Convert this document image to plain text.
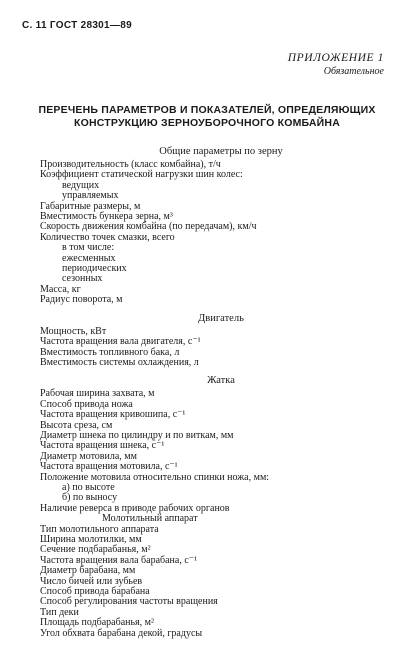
С. 11 ГОСТ 28301—89
ПРИЛОЖЕНИЕ 1
Обязательное
ПЕРЕЧЕНЬ ПАРАМЕТРОВ И ПОКАЗАТЕЛЕЙ, ОПРЕДЕЛЯЮЩИХ
КОНСТРУКЦИЮ ЗЕРНОУБОРОЧНОГО КОМБАЙНА
Общие параметры по зерну
Производительность (класс комбайна), т/ч
Коэффициент статической нагрузки шин колес:
ведущих
управляемых
Габаритные размеры, м
Вместимость бункера зерна, м³
Скорость движения комбайна (по передачам), км/ч
Количество точек смазки, всего
в том числе:
ежесменных
периодических
сезонных
Масса, кг
Радиус поворота, м
Двигатель
Мощность, кВт
Частота вращения вала двигателя, с⁻¹
Вместимость топливного бака, л
Вместимость системы охлаждения, л
Жатка
Рабочая ширина захвата, м
Способ привода ножа
Частота вращения кривошипа, с⁻¹
Высота среза, см
Диаметр шнека по цилиндру и по виткам, мм
Частота вращения шнека, с⁻¹
Диаметр мотовила, мм
Частота вращения мотовила, с⁻¹
Положение мотовила относительно спинки ножа, мм:
а) по высоте
б) по выносу
Наличие реверса в приводе рабочих органов
Молотильный аппарат
Тип молотильного аппарата
Ширина молотилки, мм
Сечение подбарабанья, м²
Частота вращения вала барабана, с⁻¹
Диаметр барабана, мм
Число бичей или зубьев
Способ привода барабана
Способ регулирования частоты вращения
Тип деки
Площадь подбарабанья, м²
Угол обхвата барабана декой, градусы
